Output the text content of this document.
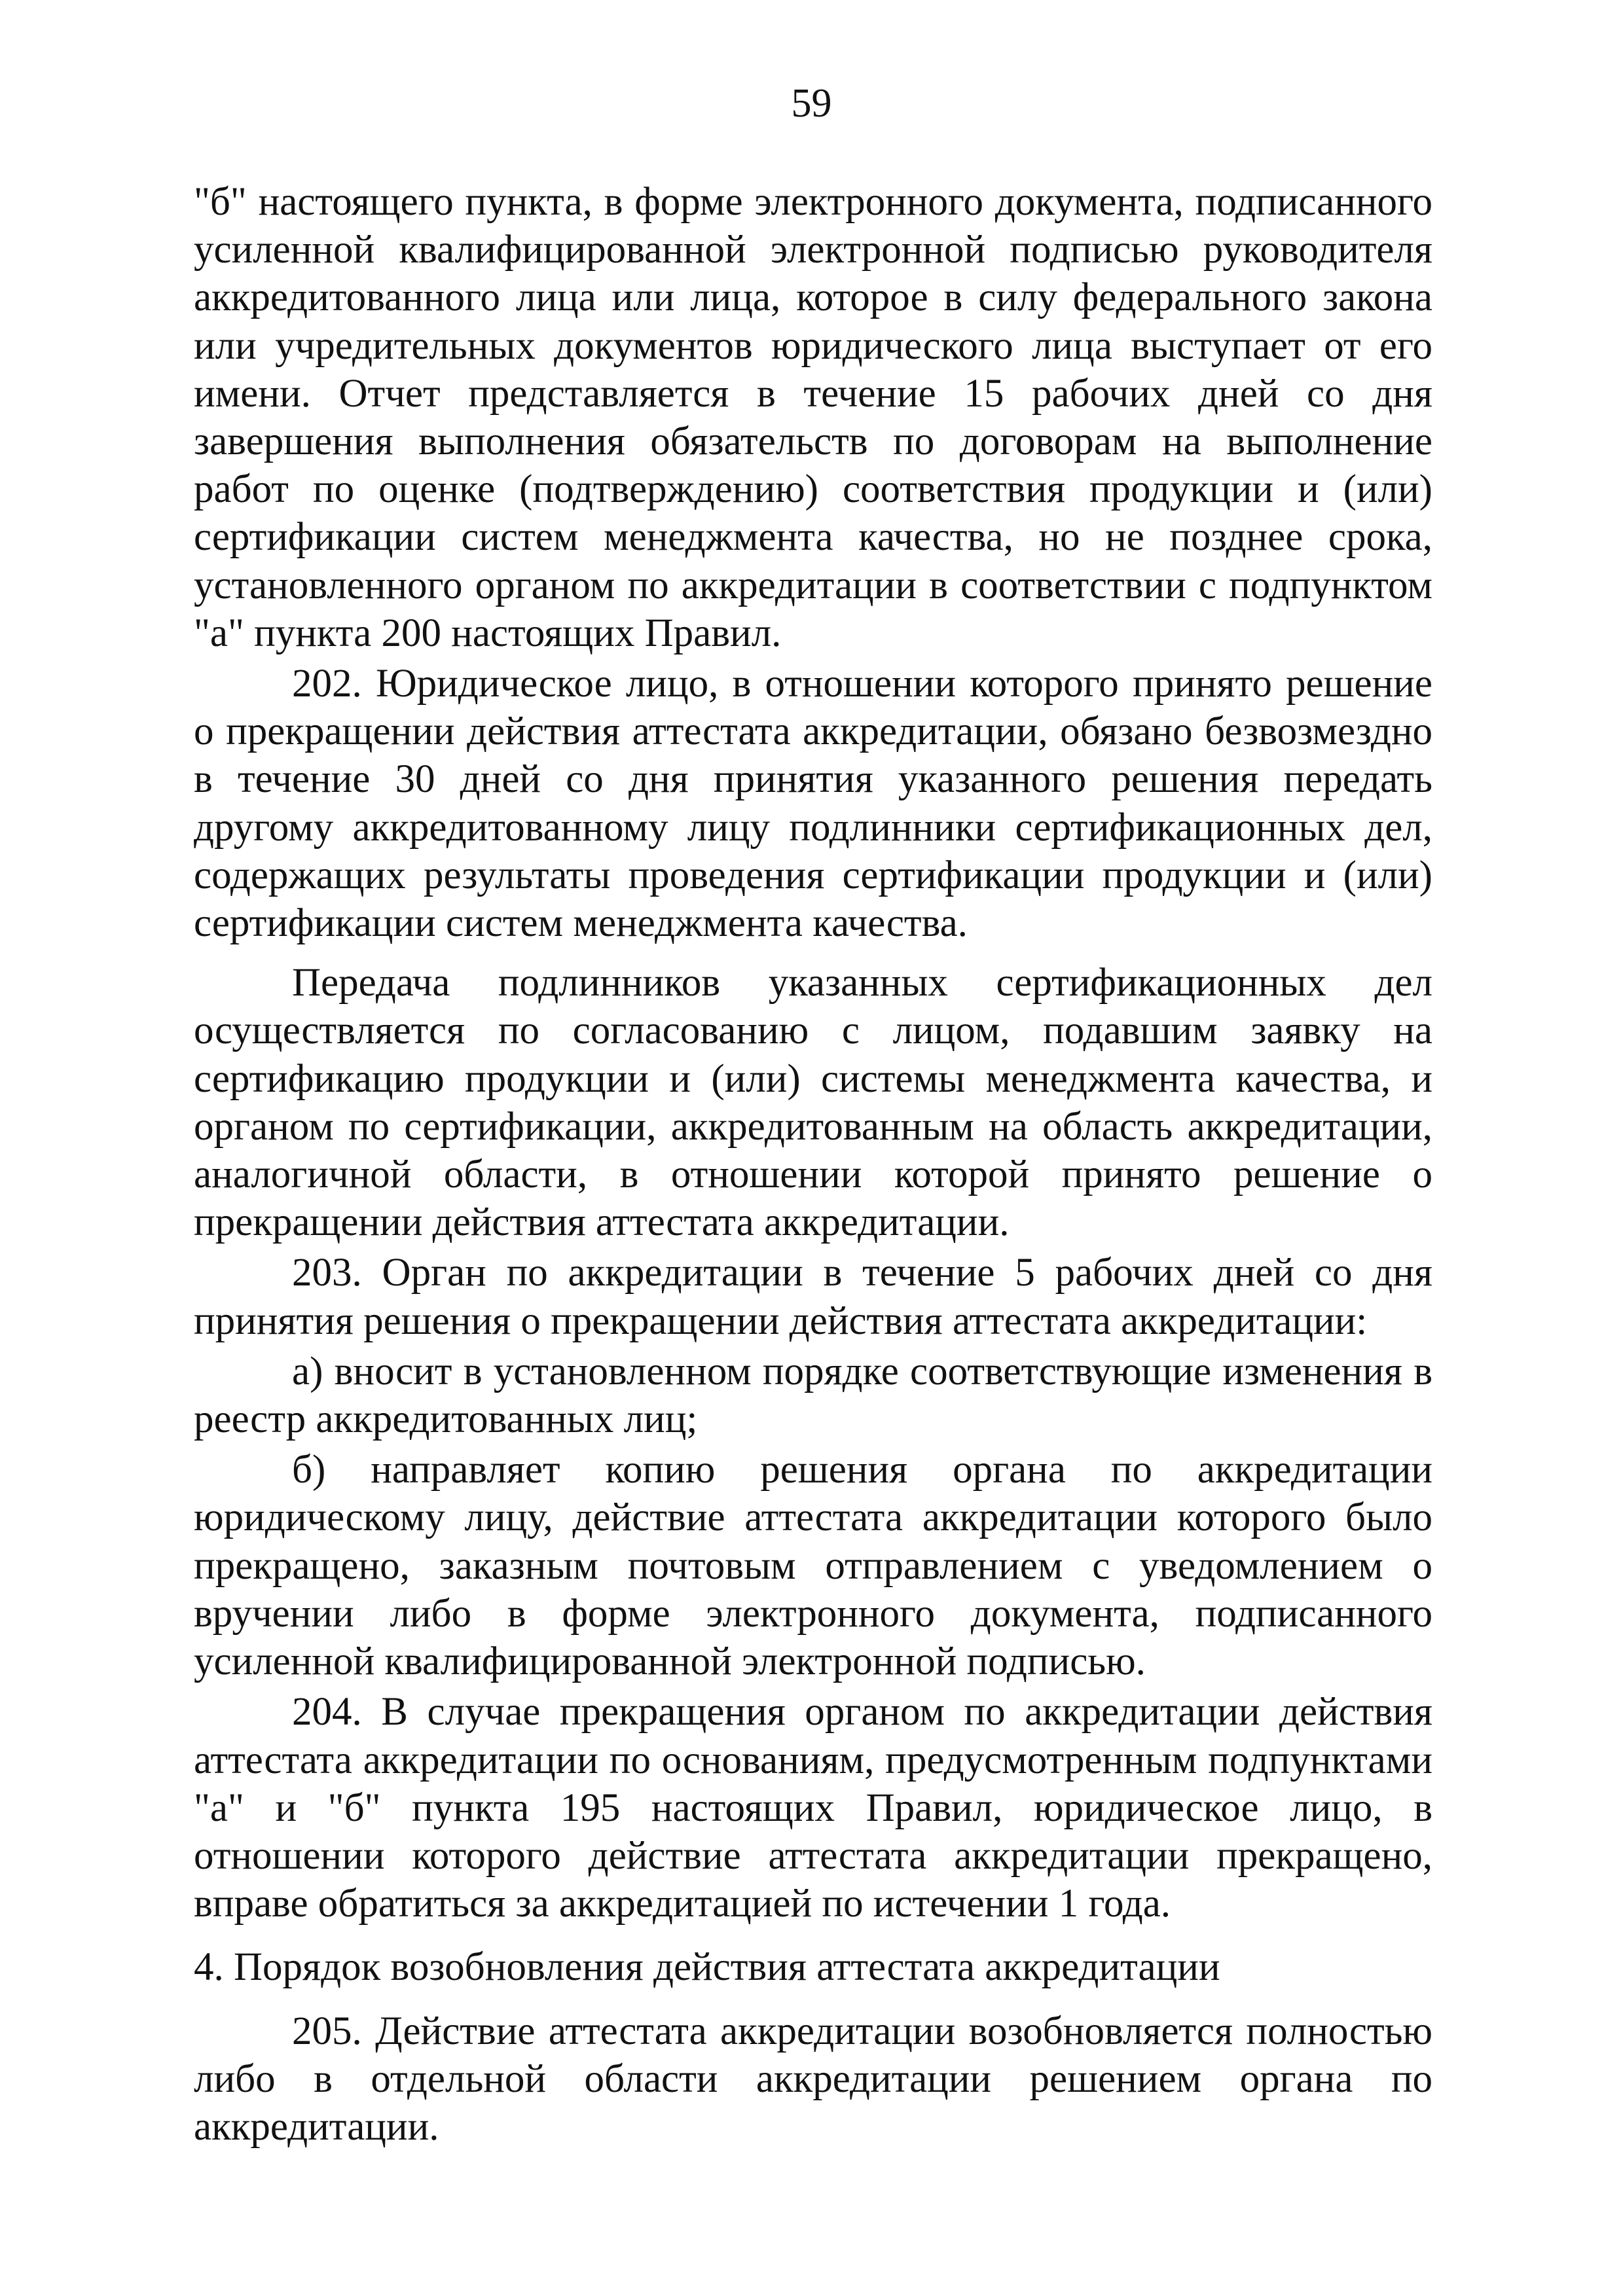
59

"б" настоящего пункта, в форме электронного документа, подписанного усиленной квалифицированной электронной подписью руководителя аккредитованного лица или лица, которое в силу федерального закона или учредительных документов юридического лица выступает от его имени. Отчет представляется в течение 15 рабочих дней со дня завершения выполнения обязательств по договорам на выполнение работ по оценке (подтверждению) соответствия продукции и (или) сертификации систем менеджмента качества, но не позднее срока, установленного органом по аккредитации в соответствии с подпунктом "а" пункта 200 настоящих Правил.

202. Юридическое лицо, в отношении которого принято решение о прекращении действия аттестата аккредитации, обязано безвозмездно в течение 30 дней со дня принятия указанного решения передать другому аккредитованному лицу подлинники сертификационных дел, содержащих результаты проведения сертификации продукции и (или) сертификации систем менеджмента качества.

Передача подлинников указанных сертификационных дел осуществляется по согласованию с лицом, подавшим заявку на сертификацию продукции и (или) системы менеджмента качества, и органом по сертификации, аккредитованным на область аккредитации, аналогичной области, в отношении которой принято решение о прекращении действия аттестата аккредитации.

203. Орган по аккредитации в течение 5 рабочих дней со дня принятия решения о прекращении действия аттестата аккредитации:

а) вносит в установленном порядке соответствующие изменения в реестр аккредитованных лиц;

б) направляет копию решения органа по аккредитации юридическому лицу, действие аттестата аккредитации которого было прекращено, заказным почтовым отправлением с уведомлением о вручении либо в форме электронного документа, подписанного усиленной квалифицированной электронной подписью.

204. В случае прекращения органом по аккредитации действия аттестата аккредитации по основаниям, предусмотренным подпунктами "а" и "б" пункта 195 настоящих Правил, юридическое лицо, в отношении которого действие аттестата аккредитации прекращено, вправе обратиться за аккредитацией по истечении 1 года.

4. Порядок возобновления действия аттестата аккредитации

205. Действие аттестата аккредитации возобновляется полностью либо в отдельной области аккредитации решением органа по аккредитации.
